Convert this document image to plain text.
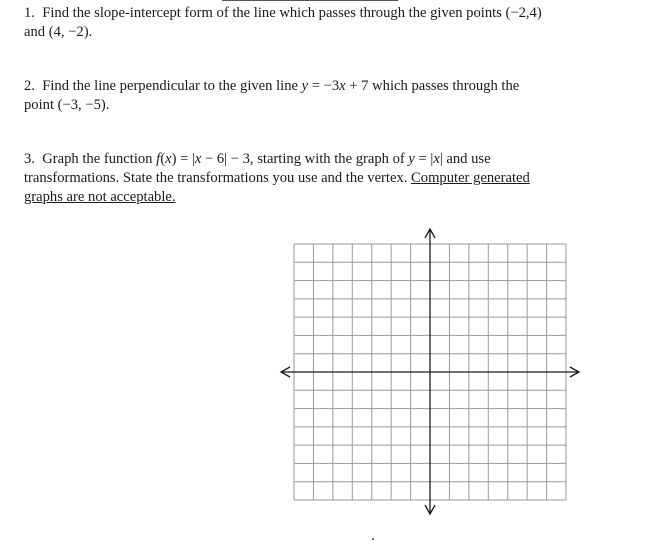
1. Find the slope-intercept form of the line which passes through the given points (−2,4)

and (4, −2).

2. Find the line perpendicular to the given line y = −3x + 7 which passes through the

point (−3, −5).

3. Graph the function f(x) = |x − 6| − 3, starting with the graph of y = |x| and use

transformations. State the transformations you use and the vertex. Computer generated

graphs are not acceptable.
